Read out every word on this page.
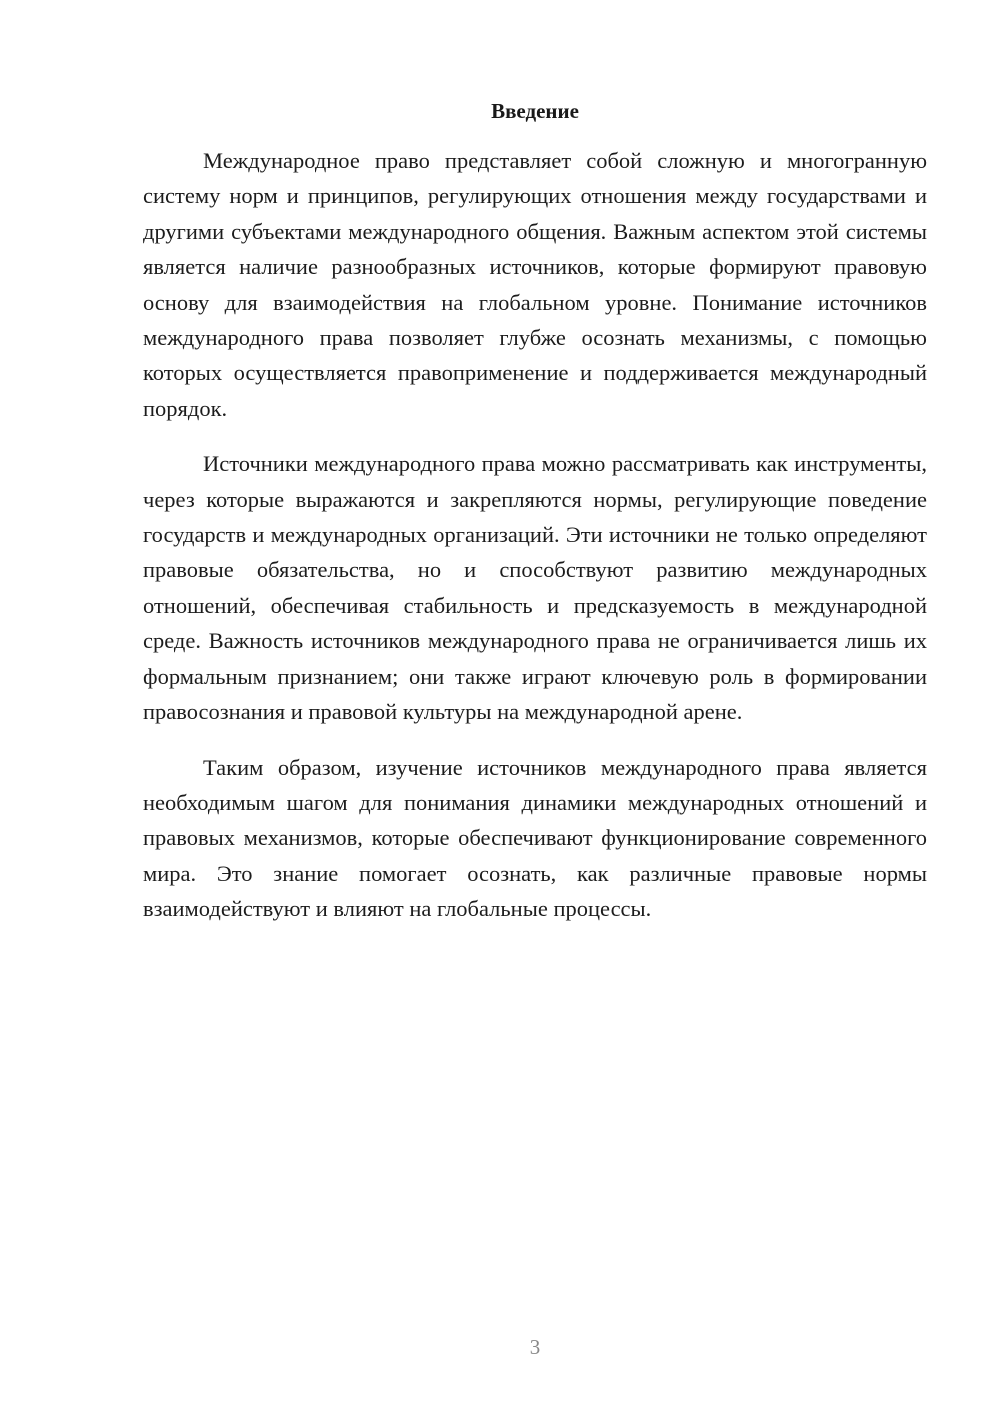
Введение

Международное право представляет собой сложную и многогранную систему норм и принципов, регулирующих отношения между государствами и другими субъектами международного общения. Важным аспектом этой системы является наличие разнообразных источников, которые формируют правовую основу для взаимодействия на глобальном уровне. Понимание источников международного права позволяет глубже осознать механизмы, с помощью которых осуществляется правоприменение и поддерживается международный порядок.

Источники международного права можно рассматривать как инструменты, через которые выражаются и закрепляются нормы, регулирующие поведение государств и международных организаций. Эти источники не только определяют правовые обязательства, но и способствуют развитию международных отношений, обеспечивая стабильность и предсказуемость в международной среде. Важность источников международного права не ограничивается лишь их формальным признанием; они также играют ключевую роль в формировании правосознания и правовой культуры на международной арене.

Таким образом, изучение источников международного права является необходимым шагом для понимания динамики международных отношений и правовых механизмов, которые обеспечивают функционирование современного мира. Это знание помогает осознать, как различные правовые нормы взаимодействуют и влияют на глобальные процессы.

3
